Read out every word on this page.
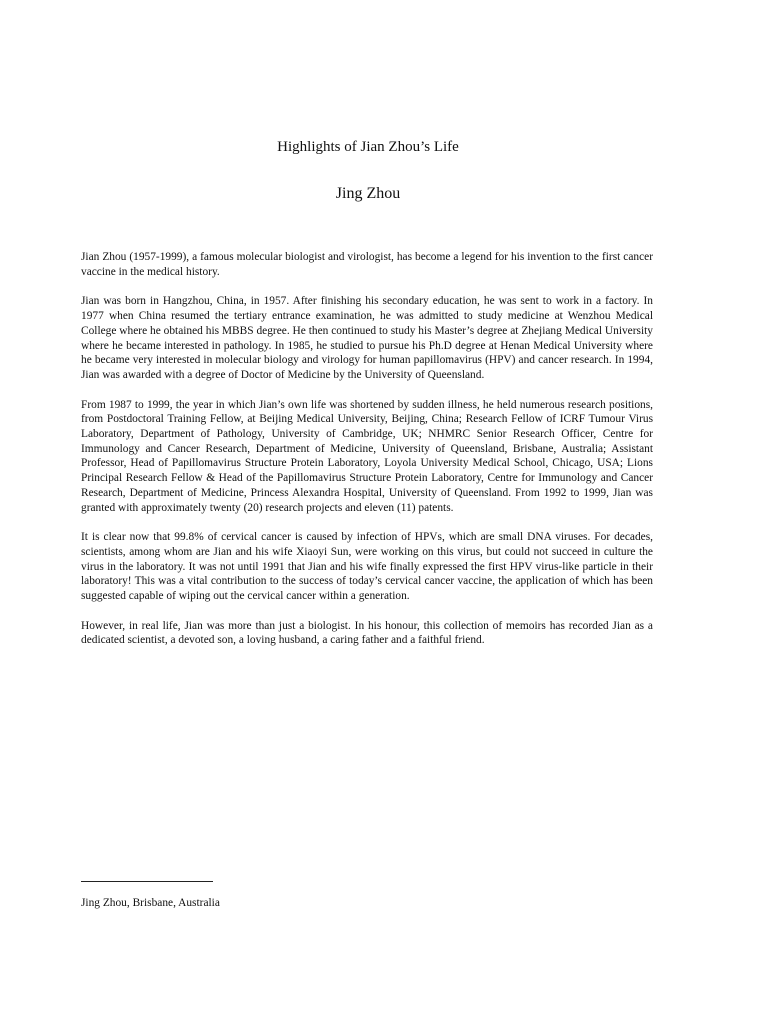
Highlights of Jian Zhou’s Life
Jing Zhou

Jian Zhou (1957-1999), a famous molecular biologist and virologist, has become a legend for his invention to the first cancer vaccine in the medical history.

Jian was born in Hangzhou, China, in 1957. After finishing his secondary education, he was sent to work in a factory. In 1977 when China resumed the tertiary entrance examination, he was admitted to study medicine at Wenzhou Medical College where he obtained his MBBS degree. He then continued to study his Master’s degree at Zhejiang Medical University where he became interested in pathology. In 1985, he studied to pursue his Ph.D degree at Henan Medical University where he became very interested in molecular biology and virology for human papillomavirus (HPV) and cancer research. In 1994, Jian was awarded with a degree of Doctor of Medicine by the University of Queensland.

From 1987 to 1999, the year in which Jian’s own life was shortened by sudden illness, he held numerous research positions, from Postdoctoral Training Fellow, at Beijing Medical University, Beijing, China; Research Fellow of ICRF Tumour Virus Laboratory, Department of Pathology, University of Cambridge, UK; NHMRC Senior Research Officer, Centre for Immunology and Cancer Research, Department of Medicine, University of Queensland, Brisbane, Australia; Assistant Professor, Head of Papillomavirus Structure Protein Laboratory, Loyola University Medical School, Chicago, USA; Lions Principal Research Fellow & Head of the Papillomavirus Structure Protein Laboratory, Centre for Immunology and Cancer Research, Department of Medicine, Princess Alexandra Hospital, University of Queensland. From 1992 to 1999, Jian was granted with approximately twenty (20) research projects and eleven (11) patents.

It is clear now that 99.8% of cervical cancer is caused by infection of HPVs, which are small DNA viruses. For decades, scientists, among whom are Jian and his wife Xiaoyi Sun, were working on this virus, but could not succeed in culture the virus in the laboratory. It was not until 1991 that Jian and his wife finally expressed the first HPV virus-like particle in their laboratory! This was a vital contribution to the success of today’s cervical cancer vaccine, the application of which has been suggested capable of wiping out the cervical cancer within a generation.

However, in real life, Jian was more than just a biologist. In his honour, this collection of memoirs has recorded Jian as a dedicated scientist, a devoted son, a loving husband, a caring father and a faithful friend.

Jing Zhou, Brisbane, Australia
